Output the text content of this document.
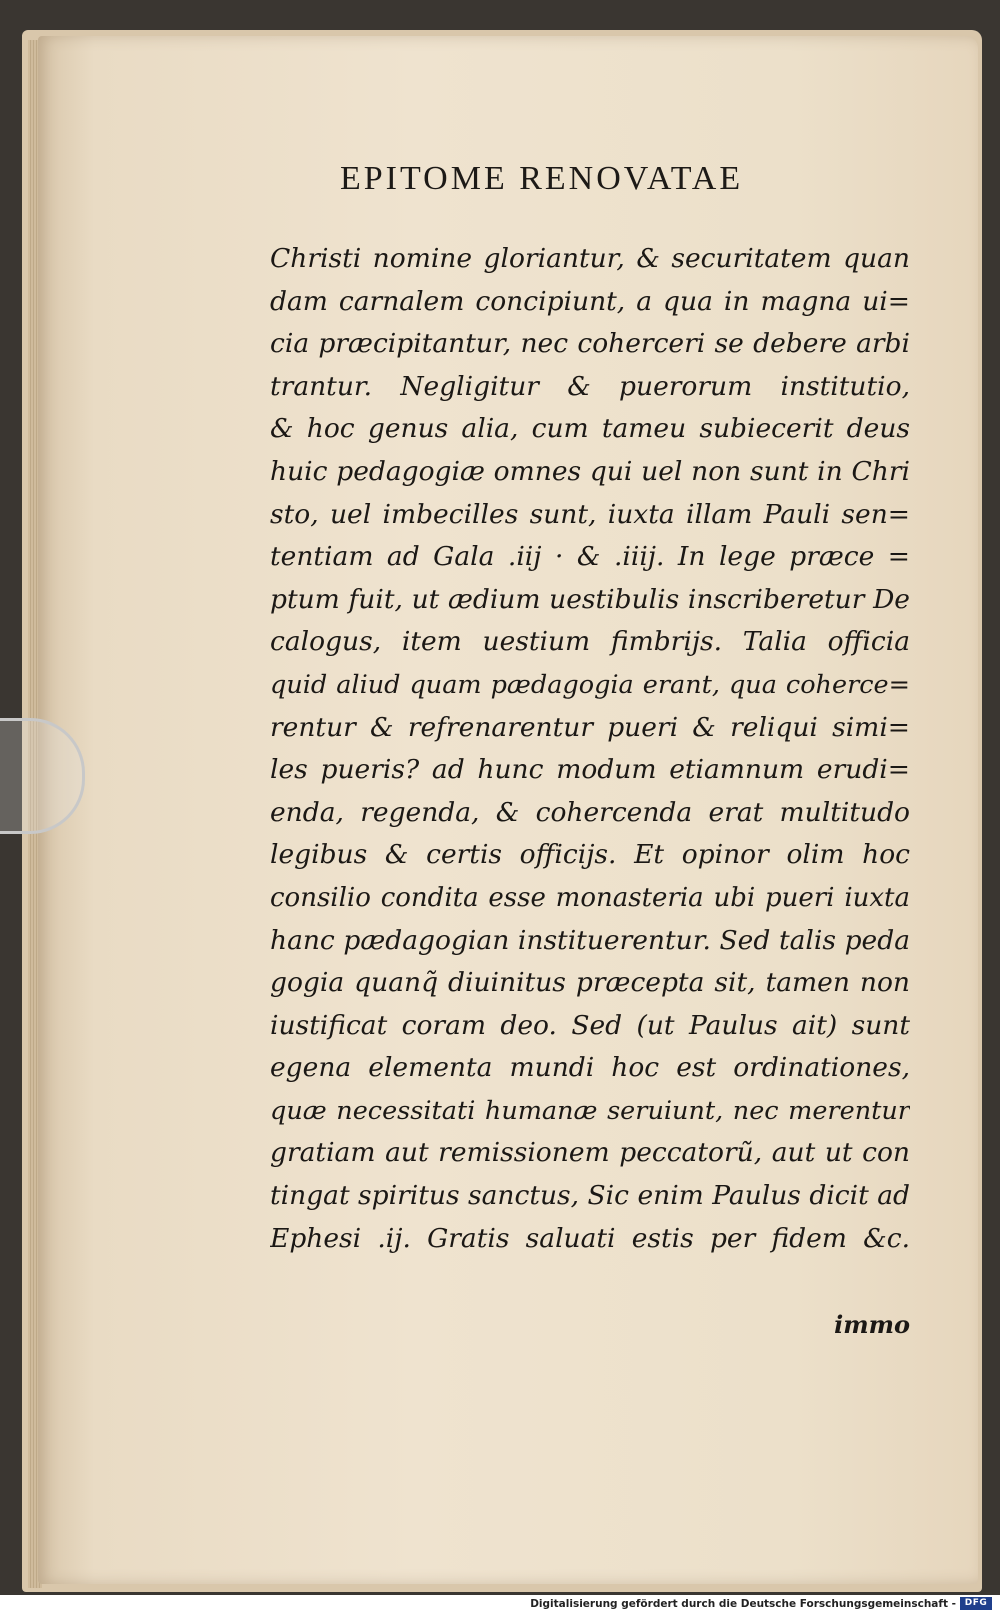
EPITOME RENOVATAE
Christi nomine gloriantur, & securitatem quan
dam carnalem concipiunt, a qua in magna ui=
cia præcipitantur, nec coherceri se debere arbi
trantur. Negligitur & puerorum institutio,
& hoc genus alia, cum tameu subiecerit deus
huic pedagogiæ omnes qui uel non sunt in Chri
sto, uel imbecilles sunt, iuxta illam Pauli sen=
tentiam ad Gala .iij · & .iiij. In lege præce =
ptum fuit, ut ædium uestibulis inscriberetur De
calogus, item uestium fimbrijs. Talia officia
quid aliud quam pædagogia erant, qua coherce=
rentur & refrenarentur pueri & reliqui simi=
les pueris? ad hunc modum etiamnum erudi=
enda, regenda, & cohercenda erat multitudo
legibus & certis officijs. Et opinor olim hoc
consilio condita esse monasteria ubi pueri iuxta
hanc pædagogian instituerentur. Sed talis peda
gogia quanq̃ diuinitus præcepta sit, tamen non
iustificat coram deo. Sed (ut Paulus ait) sunt
egena elementa mundi hoc est ordinationes,
quæ necessitati humanæ seruiunt, nec merentur
gratiam aut remissionem peccatorũ, aut ut con
tingat spiritus sanctus, Sic enim Paulus dicit ad
Ephesi .ij. Gratis saluati estis per fidem &c.
immo
Digitalisierung gefördert durch die Deutsche Forschungsgemeinschaft - DFG
